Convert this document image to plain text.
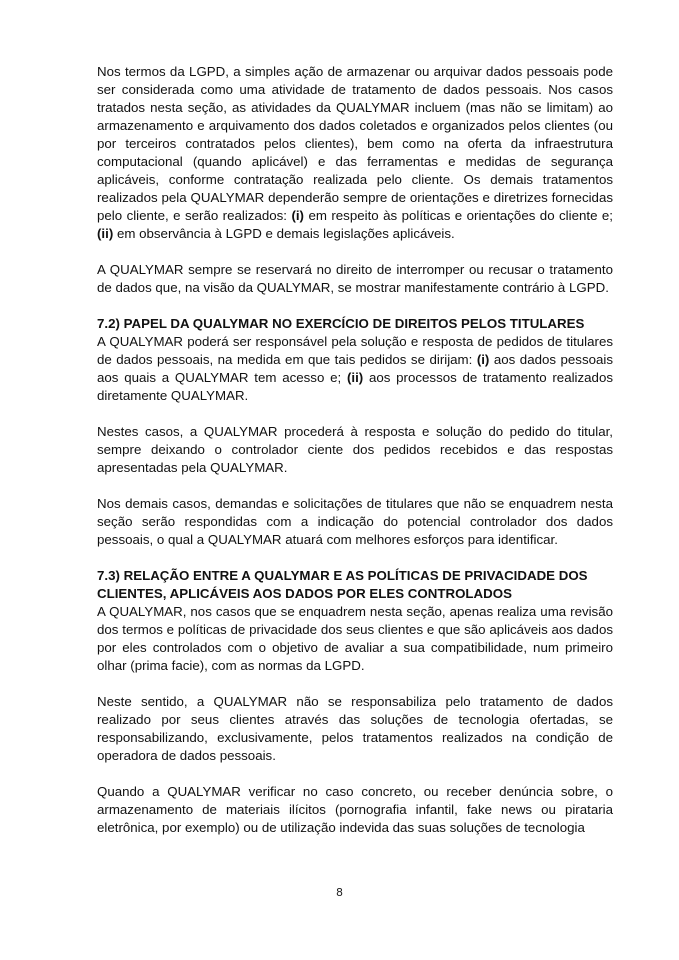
Nos termos da LGPD, a simples ação de armazenar ou arquivar dados pessoais pode ser considerada como uma atividade de tratamento de dados pessoais. Nos casos tratados nesta seção, as atividades da QUALYMAR incluem (mas não se limitam) ao armazenamento e arquivamento dos dados coletados e organizados pelos clientes (ou por terceiros contratados pelos clientes), bem como na oferta da infraestrutura computacional (quando aplicável) e das ferramentas e medidas de segurança aplicáveis, conforme contratação realizada pelo cliente. Os demais tratamentos realizados pela QUALYMAR dependerão sempre de orientações e diretrizes fornecidas pelo cliente, e serão realizados: (i) em respeito às políticas e orientações do cliente e; (ii) em observância à LGPD e demais legislações aplicáveis.

A QUALYMAR sempre se reservará no direito de interromper ou recusar o tratamento de dados que, na visão da QUALYMAR, se mostrar manifestamente contrário à LGPD.

7.2) PAPEL DA QUALYMAR NO EXERCÍCIO DE DIREITOS PELOS TITULARES

A QUALYMAR poderá ser responsável pela solução e resposta de pedidos de titulares de dados pessoais, na medida em que tais pedidos se dirijam: (i) aos dados pessoais aos quais a QUALYMAR tem acesso e; (ii) aos processos de tratamento realizados diretamente QUALYMAR.

Nestes casos, a QUALYMAR procederá à resposta e solução do pedido do titular, sempre deixando o controlador ciente dos pedidos recebidos e das respostas apresentadas pela QUALYMAR.

Nos demais casos, demandas e solicitações de titulares que não se enquadrem nesta seção serão respondidas com a indicação do potencial controlador dos dados pessoais, o qual a QUALYMAR atuará com melhores esforços para identificar.

7.3) RELAÇÃO ENTRE A QUALYMAR E AS POLÍTICAS DE PRIVACIDADE DOS CLIENTES, APLICÁVEIS AOS DADOS POR ELES CONTROLADOS

A QUALYMAR, nos casos que se enquadrem nesta seção, apenas realiza uma revisão dos termos e políticas de privacidade dos seus clientes e que são aplicáveis aos dados por eles controlados com o objetivo de avaliar a sua compatibilidade, num primeiro olhar (prima facie), com as normas da LGPD.

Neste sentido, a QUALYMAR não se responsabiliza pelo tratamento de dados realizado por seus clientes através das soluções de tecnologia ofertadas, se responsabilizando, exclusivamente, pelos tratamentos realizados na condição de operadora de dados pessoais.

Quando a QUALYMAR verificar no caso concreto, ou receber denúncia sobre, o armazenamento de materiais ilícitos (pornografia infantil, fake news ou pirataria eletrônica, por exemplo) ou de utilização indevida das suas soluções de tecnologia

8
